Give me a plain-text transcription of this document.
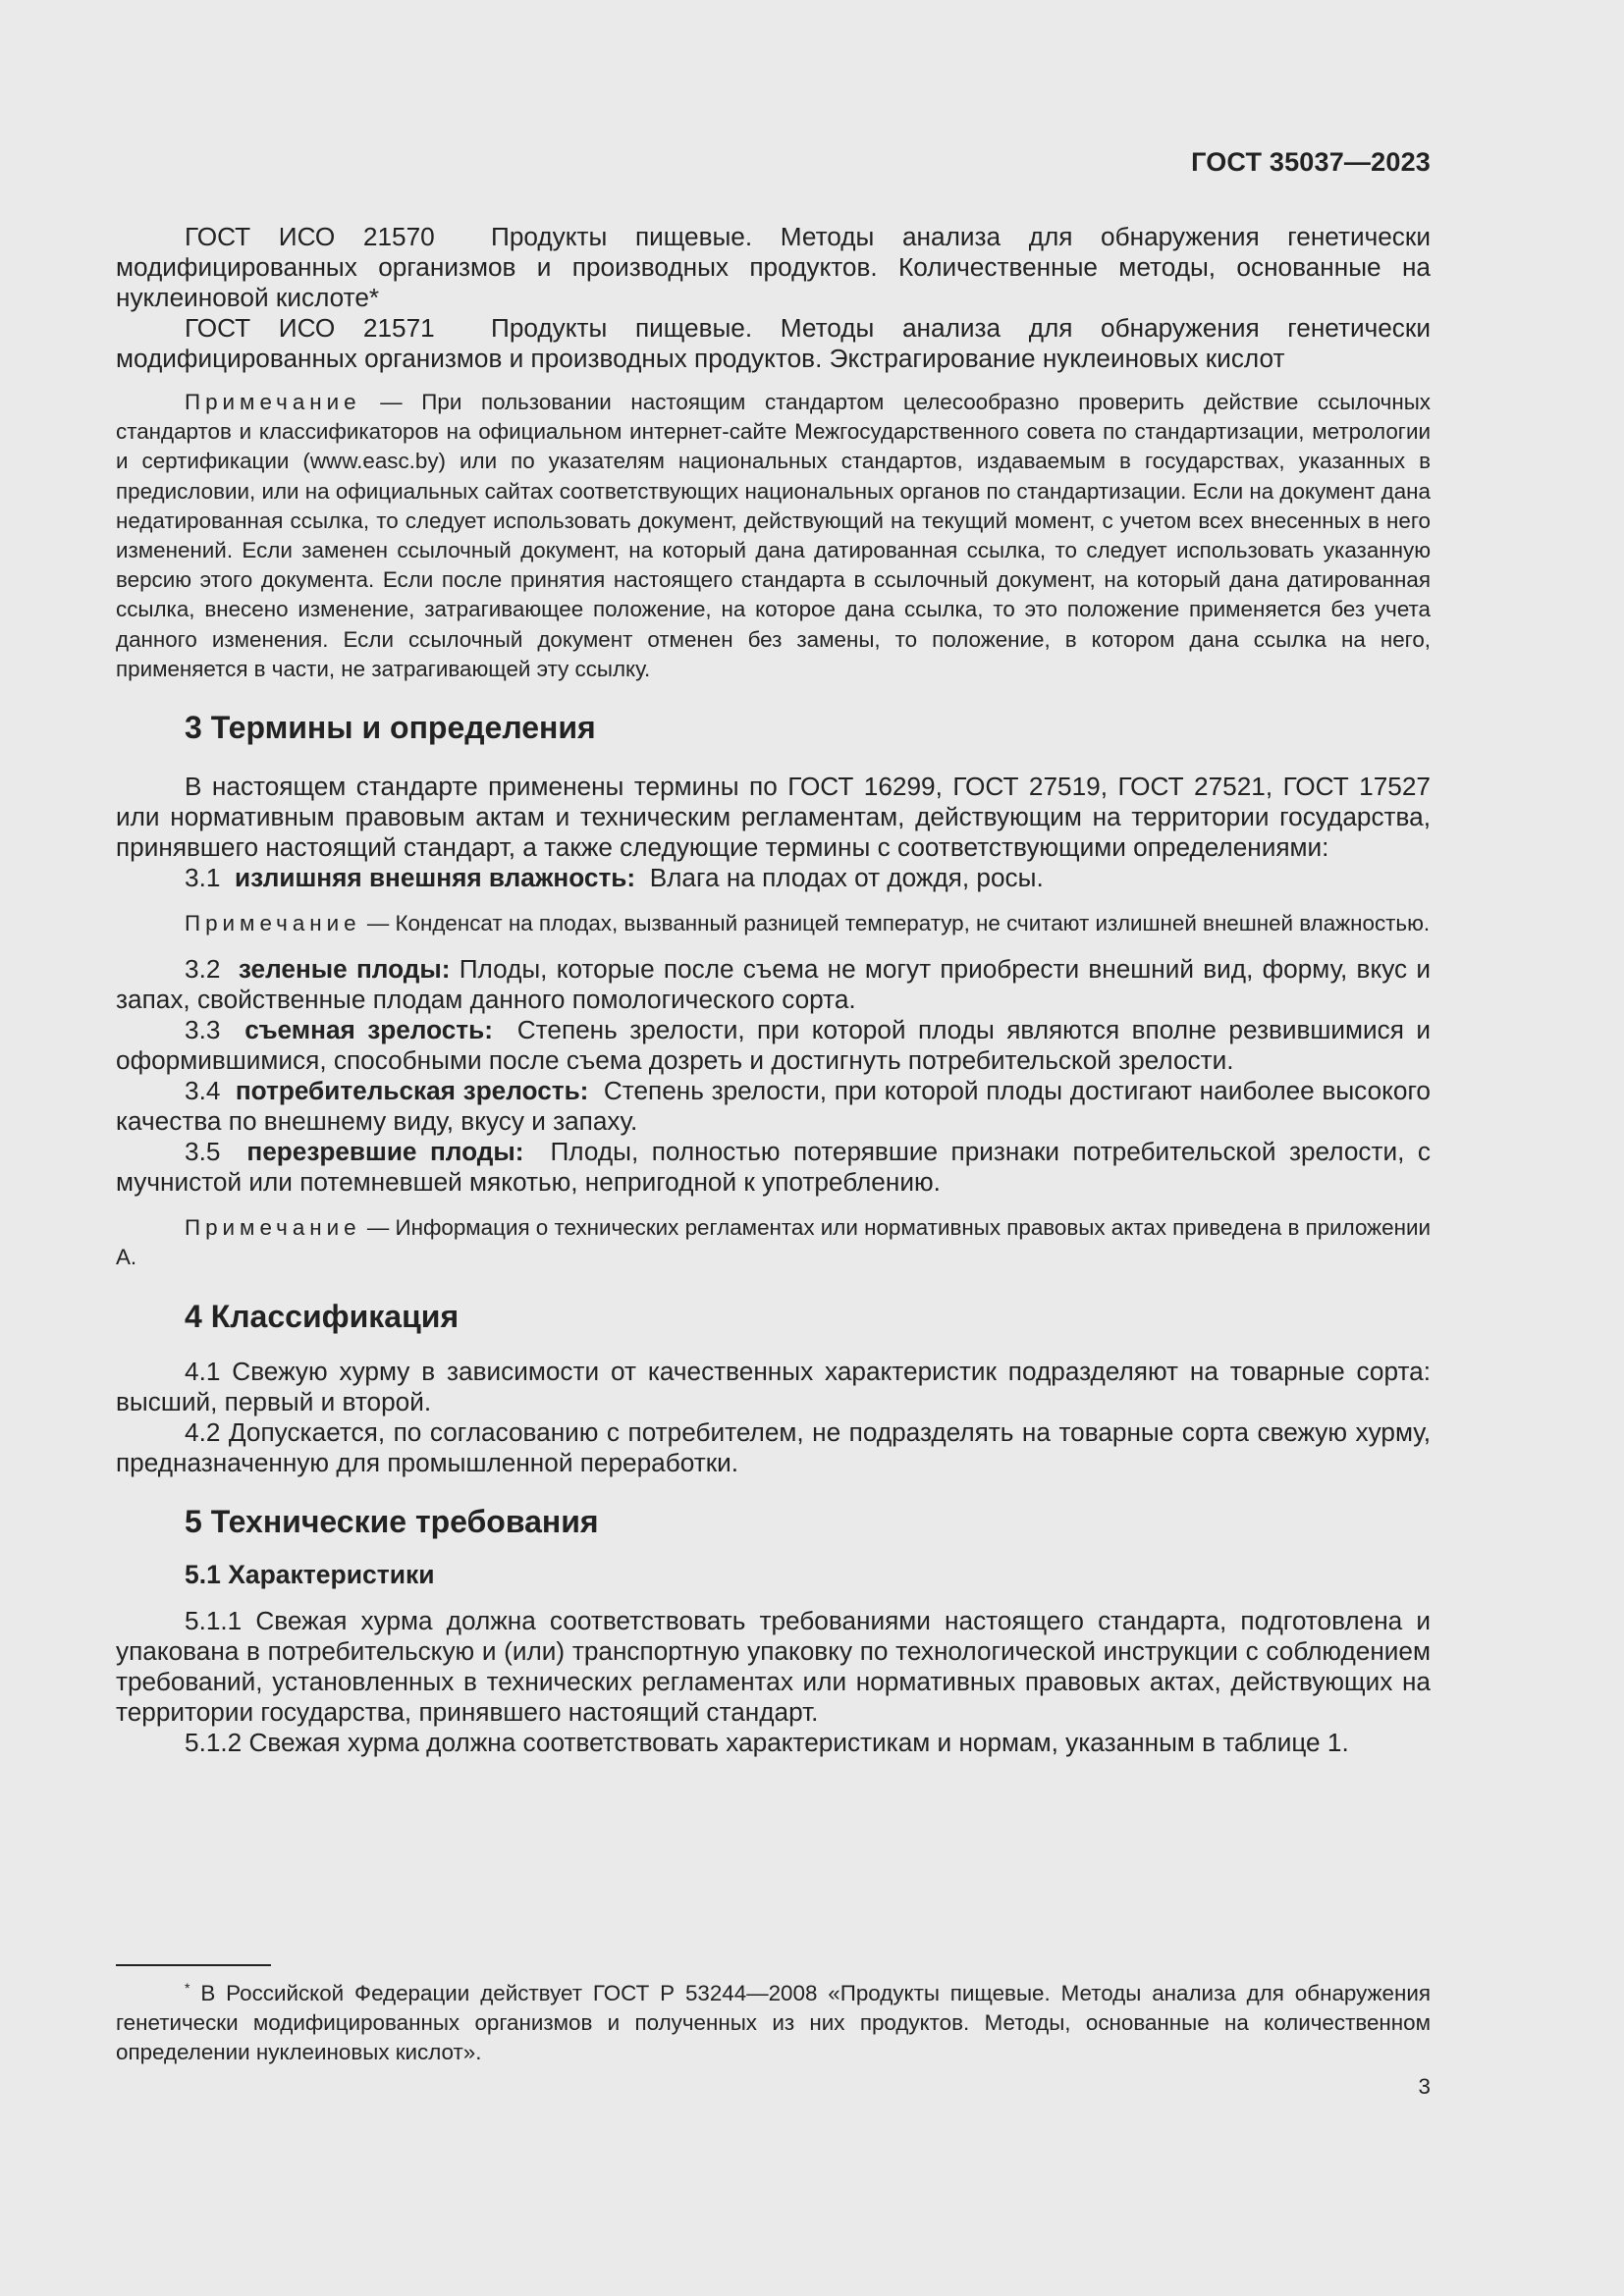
ГОСТ 35037—2023

ГОСТ ИСО 21570 Продукты пищевые. Методы анализа для обнаружения генетически модифицированных организмов и производных продуктов. Количественные методы, основанные на нуклеиновой кислоте*

ГОСТ ИСО 21571 Продукты пищевые. Методы анализа для обнаружения генетически модифицированных организмов и производных продуктов. Экстрагирование нуклеиновых кислот

Примечание — При пользовании настоящим стандартом целесообразно проверить действие ссылочных стандартов и классификаторов на официальном интернет-сайте Межгосударственного совета по стандартизации, метрологии и сертификации (www.easc.by) или по указателям национальных стандартов, издаваемым в государствах, указанных в предисловии, или на официальных сайтах соответствующих национальных органов по стандартизации. Если на документ дана недатированная ссылка, то следует использовать документ, действующий на текущий момент, с учетом всех внесенных в него изменений. Если заменен ссылочный документ, на который дана датированная ссылка, то следует использовать указанную версию этого документа. Если после принятия настоящего стандарта в ссылочный документ, на который дана датированная ссылка, внесено изменение, затрагивающее положение, на которое дана ссылка, то это положение применяется без учета данного изменения. Если ссылочный документ отменен без замены, то положение, в котором дана ссылка на него, применяется в части, не затрагивающей эту ссылку.

3 Термины и определения

В настоящем стандарте применены термины по ГОСТ 16299, ГОСТ 27519, ГОСТ 27521, ГОСТ 17527 или нормативным правовым актам и техническим регламентам, действующим на территории государства, принявшего настоящий стандарт, а также следующие термины с соответствующими определениями:

3.1 излишняя внешняя влажность: Влага на плодах от дождя, росы.

Примечание — Конденсат на плодах, вызванный разницей температур, не считают излишней внешней влажностью.

3.2 зеленые плоды: Плоды, которые после съема не могут приобрести внешний вид, форму, вкус и запах, свойственные плодам данного помологического сорта.

3.3 съемная зрелость: Степень зрелости, при которой плоды являются вполне резвившимися и оформившимися, способными после съема дозреть и достигнуть потребительской зрелости.

3.4 потребительская зрелость: Степень зрелости, при которой плоды достигают наиболее высокого качества по внешнему виду, вкусу и запаху.

3.5 перезревшие плоды: Плоды, полностью потерявшие признаки потребительской зрелости, с мучнистой или потемневшей мякотью, непригодной к употреблению.

Примечание — Информация о технических регламентах или нормативных правовых актах приведена в приложении А.

4 Классификация

4.1 Свежую хурму в зависимости от качественных характеристик подразделяют на товарные сорта: высший, первый и второй.

4.2 Допускается, по согласованию с потребителем, не подразделять на товарные сорта свежую хурму, предназначенную для промышленной переработки.

5 Технические требования
5.1 Характеристики

5.1.1 Свежая хурма должна соответствовать требованиями настоящего стандарта, подготовлена и упакована в потребительскую и (или) транспортную упаковку по технологической инструкции с соблюдением требований, установленных в технических регламентах или нормативных правовых актах, действующих на территории государства, принявшего настоящий стандарт.

5.1.2 Свежая хурма должна соответствовать характеристикам и нормам, указанным в таблице 1.

* В Российской Федерации действует ГОСТ Р 53244—2008 «Продукты пищевые. Методы анализа для обнаружения генетически модифицированных организмов и полученных из них продуктов. Методы, основанные на количественном определении нуклеиновых кислот».

3
